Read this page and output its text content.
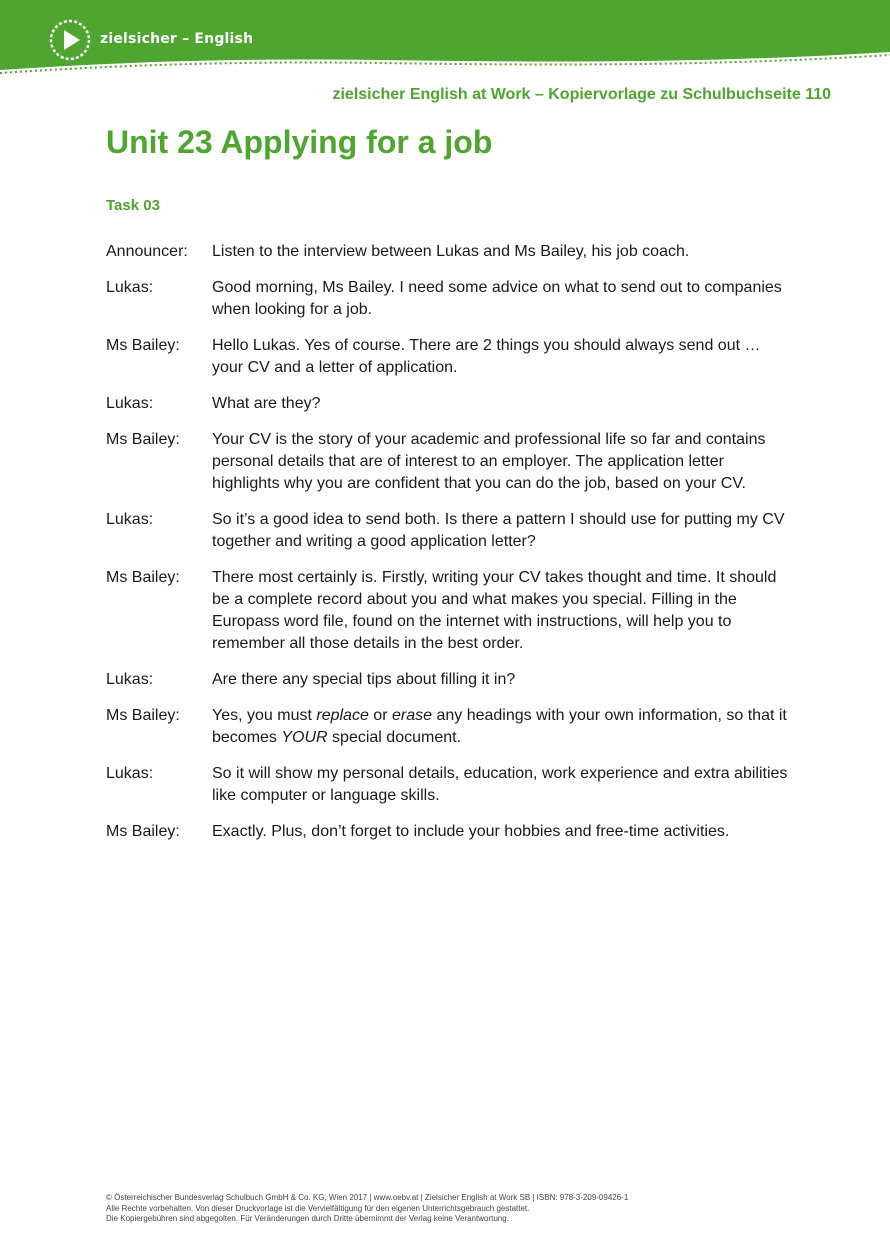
zielsicher – English
zielsicher English at Work – Kopiervorlage zu Schulbuchseite 110
Unit 23 Applying for a job
Task 03
Announcer:	Listen to the interview between Lukas and Ms Bailey, his job coach.
Lukas:	Good morning, Ms Bailey. I need some advice on what to send out to companies when looking for a job.
Ms Bailey:	Hello Lukas. Yes of course. There are 2 things you should always send out … your CV and a letter of application.
Lukas:	What are they?
Ms Bailey:	Your CV is the story of your academic and professional life so far and contains personal details that are of interest to an employer. The application letter highlights why you are confident that you can do the job, based on your CV.
Lukas:	So it’s a good idea to send both. Is there a pattern I should use for putting my CV together and writing a good application letter?
Ms Bailey:	There most certainly is. Firstly, writing your CV takes thought and time. It should be a complete record about you and what makes you special. Filling in the Europass word file, found on the internet with instructions, will help you to remember all those details in the best order.
Lukas:	Are there any special tips about filling it in?
Ms Bailey:	Yes, you must replace or erase any headings with your own information, so that it becomes YOUR special document.
Lukas:	So it will show my personal details, education, work experience and extra abilities like computer or language skills.
Ms Bailey:	Exactly. Plus, don’t forget to include your hobbies and free-time activities.
© Österreichischer Bundesverlag Schulbuch GmbH & Co. KG, Wien 2017 | www.oebv.at | Zielsicher English at Work SB | ISBN: 978-3-209-09426-1
Alle Rechte vorbehalten. Von dieser Druckvorlage ist die Vervielfältigung für den eigenen Unterrichtsgebrauch gestattet.
Die Kopiergebühren sind abgegolten. Für Veränderungen durch Dritte übernimmt der Verlag keine Verantwortung.
